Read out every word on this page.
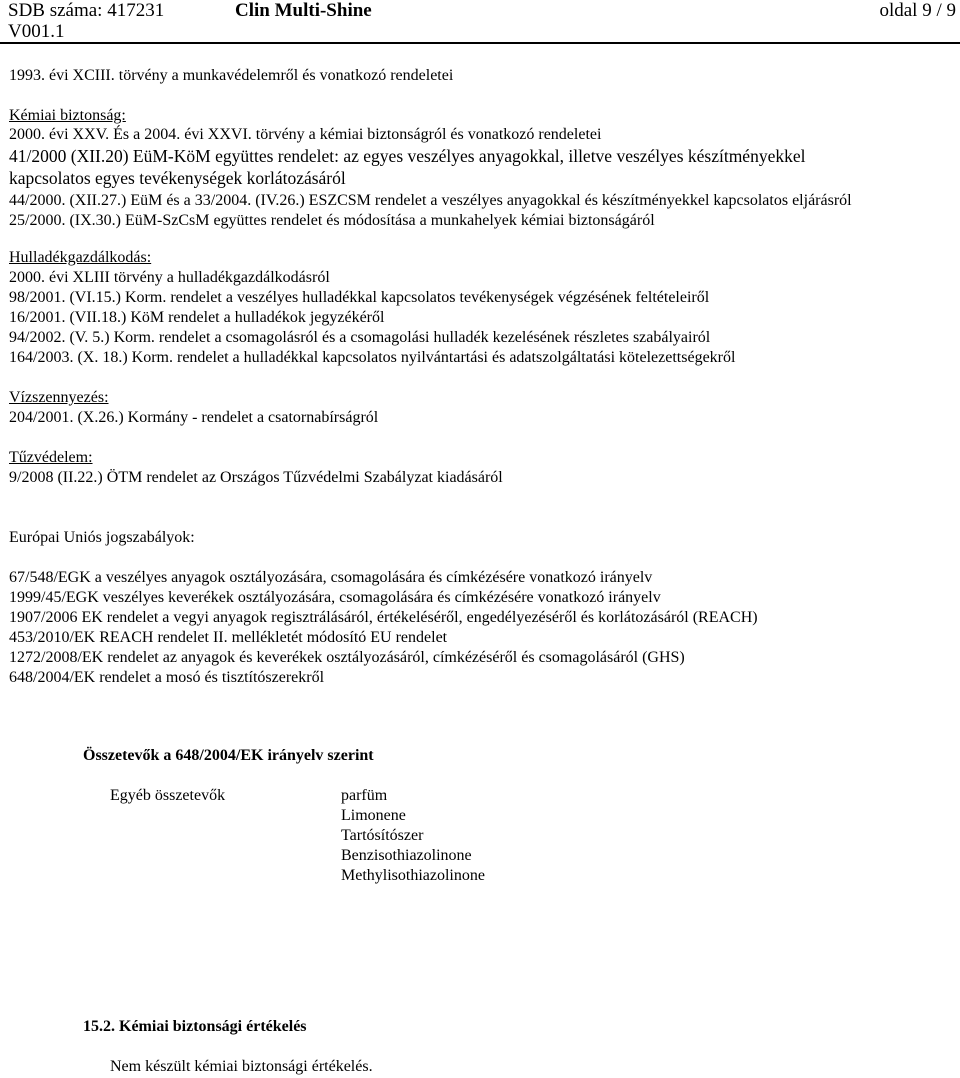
SDB száma: 417231
V001.1
Clin Multi-Shine	oldal 9 / 9
1993. évi XCIII. törvény a munkavédelemről és vonatkozó rendeletei
Kémiai biztonság:
2000. évi XXV. És a 2004. évi XXVI. törvény a kémiai biztonságról és vonatkozó rendeletei
41/2000 (XII.20) EüM-KöM együttes rendelet: az egyes veszélyes anyagokkal, illetve veszélyes készítményekkel
kapcsolatos egyes tevékenységek korlátozásáról
44/2000. (XII.27.) EüM és a 33/2004. (IV.26.) ESZCSM rendelet a veszélyes anyagokkal és készítményekkel kapcsolatos eljárásról
25/2000. (IX.30.) EüM-SzCsM együttes rendelet és módosítása a munkahelyek kémiai biztonságáról
Hulladékgazdálkodás:
2000. évi XLIII törvény a hulladékgazdálkodásról
98/2001. (VI.15.) Korm. rendelet a veszélyes hulladékkal kapcsolatos tevékenységek végzésének feltételeiről
16/2001. (VII.18.) KöM rendelet a hulladékok jegyzékéről
94/2002. (V. 5.) Korm. rendelet a csomagolásról és a csomagolási hulladék kezelésének részletes szabályairól
164/2003. (X. 18.) Korm. rendelet a hulladékkal kapcsolatos nyilvántartási és adatszolgáltatási kötelezettségekről
Vízszennyezés:
204/2001. (X.26.) Kormány - rendelet a csatornabírságról
Tűzvédelem:
9/2008 (II.22.) ÖTM rendelet az Országos Tűzvédelmi Szabályzat kiadásáról
Európai Uniós jogszabályok:
67/548/EGK a veszélyes anyagok osztályozására, csomagolására és címkézésére vonatkozó irányelv
1999/45/EGK veszélyes keverékek osztályozására, csomagolására és címkézésére vonatkozó irányelv
1907/2006 EK rendelet a vegyi anyagok regisztrálásáról, értékeléséről, engedélyezéséről és korlátozásáról (REACH)
453/2010/EK REACH rendelet II. mellékletét módosító EU rendelet
1272/2008/EK rendelet az anyagok és keverékek osztályozásáról, címkézéséről és csomagolásáról (GHS)
648/2004/EK rendelet a mosó és tisztítószerekről
Összetevők a 648/2004/EK irányelv szerint
Egyéb összetevők	parfüm
Limonene
Tartósítószer
Benzisothiazolinone
Methylisothiazolinone
15.2. Kémiai biztonsági értékelés
Nem készült kémiai biztonsági értékelés.
